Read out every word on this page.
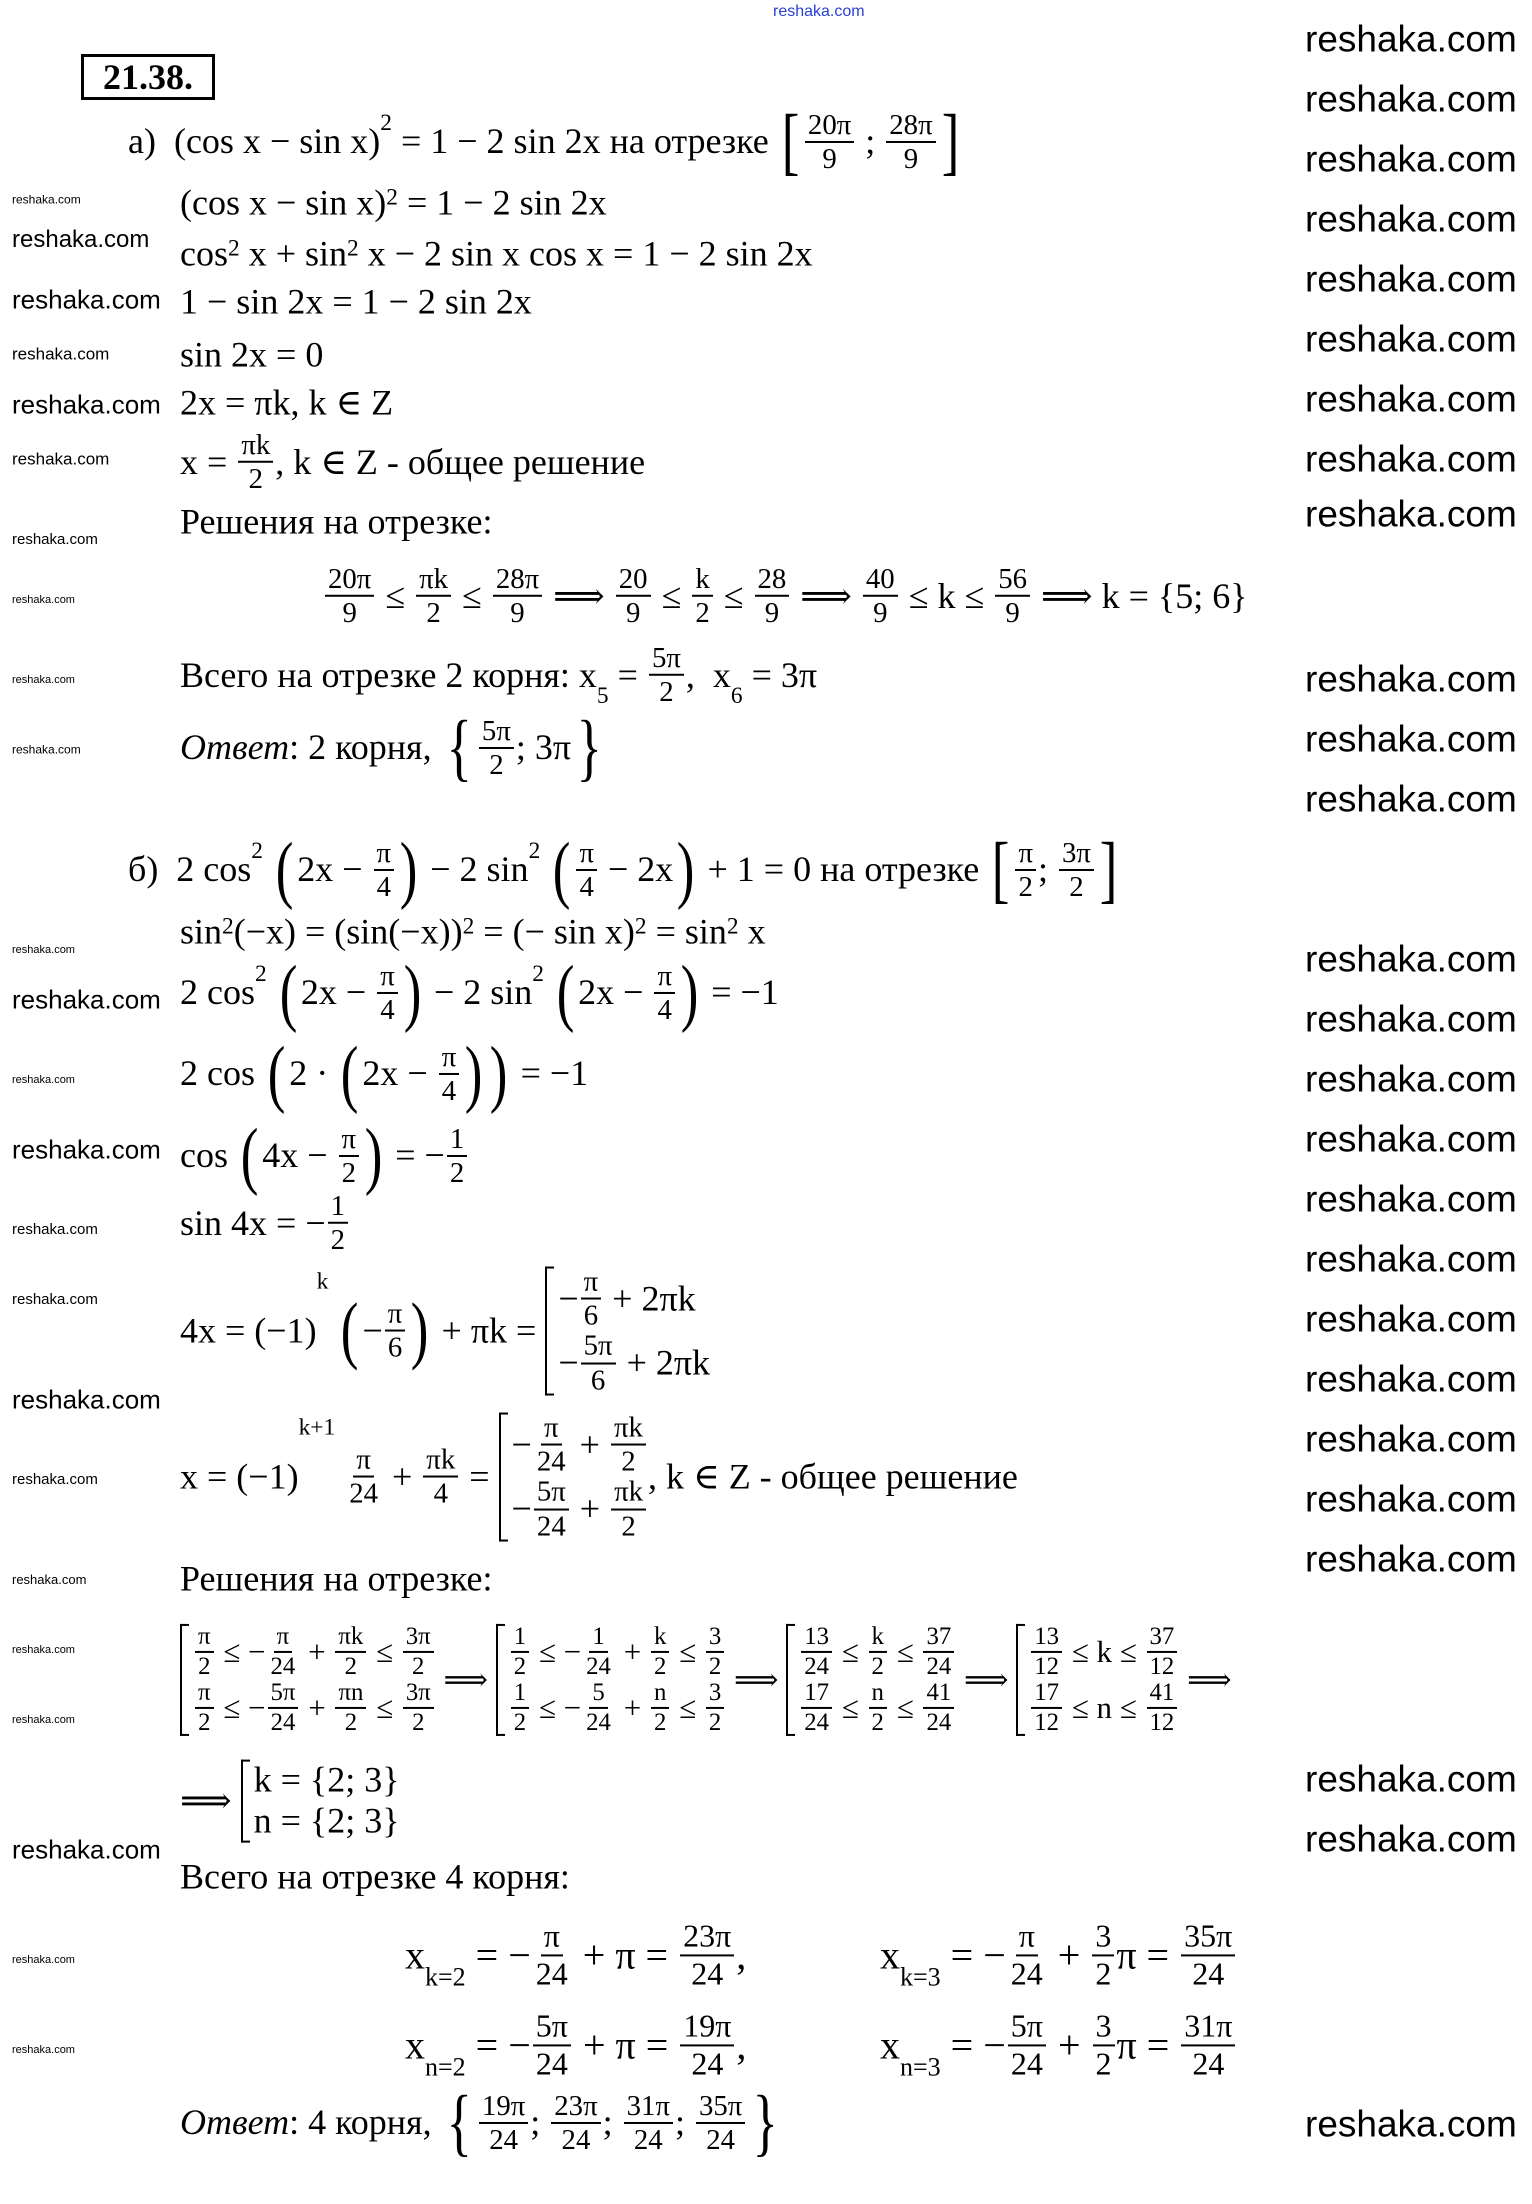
21.38.
а)  (cos x − sin x) 2 = 1 − 2 sin 2x на отрезке [ $\frac{20\pi}{9}$ ; $\frac{28\pi}{9}$ ]
(cos x − sin x) 2 = 1 − 2 sin 2x
cos 2 x + sin 2 x − 2 sin x cos x = 1 − 2 sin 2x
1 − sin 2x = 1 − 2 sin 2x
sin 2x = 0
2x = πk, k ∈ Z
$x = \frac{\pi k}{2}$ , k ∈ Z - общее решение
Решения на отрезке:
$\frac{20\pi}{9} \le \frac{\pi k}{2} \le \frac{28\pi}{9}$ ⟹ $\frac{20}{9} \le \frac{k}{2} \le \frac{28}{9}$ ⟹ $\frac{40}{9} \le k \le \frac{56}{9}$ ⟹ k = {5; 6}
Всего на отрезке 2 корня: x
5
= $\frac{5\pi}{2}$ ,  x
6
= 3π
Ответ : 2 корня, { $\frac{5\pi}{2}$ ; 3π }
б)  2 cos 2
( $2x - \frac{\pi}{4}$ ) − 2 sin 2
( $\frac{\pi}{4} - 2x$ ) + 1 = 0 на отрезке [ $\frac{\pi}{2}$ ; $\frac{3\pi}{2}$ ]
sin 2 (−x) = (sin(−x)) 2 = (− sin x) 2 = sin 2 x
2 cos 2
( $2x - \frac{\pi}{4}$ ) − 2 sin 2
( $2x - \frac{\pi}{4}$ ) = −1
2 cos ( 2 · ( $2x - \frac{\pi}{4}$ ) ) = −1
cos ( $4x - \frac{\pi}{2}$ ) = − $\frac{1}{2}$
sin 4x = − $\frac{1}{2}$
4x = (−1)
k

( − $\frac{\pi}{6}$ ) + πk =
− $\frac{\pi}{6} + 2\pi k$
− $\frac{5\pi}{6} + 2\pi k$
x = (−1)
k+1

$\frac{\pi}{24} + \frac{\pi k}{4}$ =
− $\frac{\pi}{24} + \frac{\pi k}{2}$
− $\frac{5\pi}{24} + \frac{\pi k}{2}$
, k ∈ Z - общее решение
Решения на отрезке:
$\frac{\pi}{2}$ ≤ − $\frac{\pi}{24} + \frac{\pi k}{2} \le \frac{3\pi}{2}$
$\frac{\pi}{2}$ ≤ − $\frac{5\pi}{24} + \frac{\pi n}{2} \le \frac{3\pi}{2}$
⟹ $\frac{1}{2}$ ≤ − $\frac{1}{24} + \frac{k}{2} \le \frac{3}{2}$
$\frac{1}{2}$ ≤ − $\frac{5}{24} + \frac{n}{2} \le \frac{3}{2}$
⟹ $\frac{13}{24} \le \frac{k}{2} \le \frac{37}{24}$
$\frac{17}{24} \le \frac{n}{2} \le \frac{41}{24}$
⟹ $\frac{13}{12} \le k \le \frac{37}{12}$
$\frac{17}{12} \le n \le \frac{41}{12}$
⟹
⟹
k = {2; 3}
n = {2; 3}
Всего на отрезке 4 корня:
x
k=2
= − $\frac{\pi}{24} + \pi = \frac{23\pi}{24}$ ,	x
k=3
= − $\frac{\pi}{24} + \frac{3}{2}$ $\pi = \frac{35\pi}{24}$
x
n=2
= − $\frac{5\pi}{24} + \pi = \frac{19\pi}{24}$ ,	x
n=3
= − $\frac{5\pi}{24} + \frac{3}{2}$ $\pi = \frac{31\pi}{24}$
Ответ : 4 корня, { $\frac{19\pi}{24}$ ; $\frac{23\pi}{24}$ ; $\frac{31\pi}{24}$ ; $\frac{35\pi}{24}$ }
reshaka.com
reshaka.com
reshaka.com
reshaka.com
reshaka.com
reshaka.com
reshaka.com
reshaka.com
reshaka.com
reshaka.com
reshaka.com
reshaka.com
reshaka.com
reshaka.com
reshaka.com
reshaka.com
reshaka.com
reshaka.com
reshaka.com
reshaka.com
reshaka.com
reshaka.com
reshaka.com
reshaka.com
reshaka.com
reshaka.com
reshaka.com
reshaka.com
reshaka.com
reshaka.com
reshaka.com
reshaka.com
reshaka.com
reshaka.com
reshaka.com
reshaka.com
reshaka.com
reshaka.com
reshaka.com
reshaka.com
reshaka.com
reshaka.com
reshaka.com
reshaka.com
reshaka.com
reshaka.com
reshaka.com
reshaka.com
reshaka.com
reshaka.com
reshaka.com
